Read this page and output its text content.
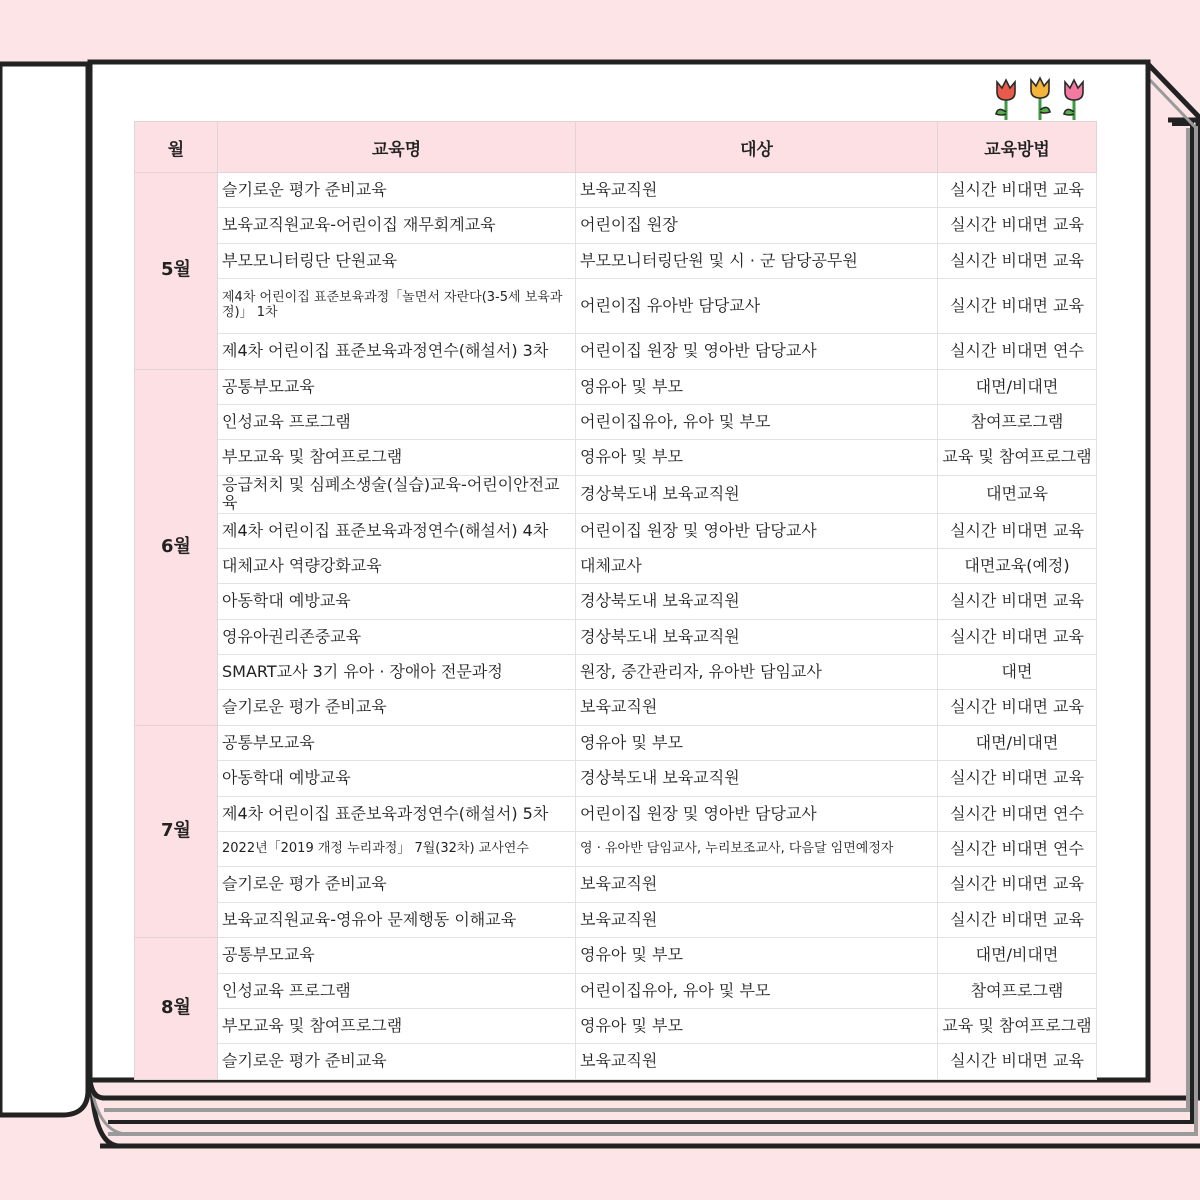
월	교육명	대상	교육방법
5월	슬기로운 평가 준비교육	보육교직원	실시간 비대면 교육
	보육교직원교육-어린이집 재무회계교육	어린이집 원장	실시간 비대면 교육
	부모모니터링단 단원교육	부모모니터링단원 및 시 · 군 담당공무원	실시간 비대면 교육
	제4차 어린이집 표준보육과정「놀면서 자란다(3-5세 보육과정)」 1차	어린이집 유아반 담당교사	실시간 비대면 교육
	제4차 어린이집 표준보육과정연수(해설서) 3차	어린이집 원장 및 영아반 담당교사	실시간 비대면 연수
6월	공통부모교육	영유아 및 부모	대면/비대면
	인성교육 프로그램	어린이집유아, 유아 및 부모	참여프로그램
	부모교육 및 참여프로그램	영유아 및 부모	교육 및 참여프로그램
	응급처치 및 심폐소생술(실습)교육-어린이안전교육	경상북도내 보육교직원	대면교육
	제4차 어린이집 표준보육과정연수(해설서) 4차	어린이집 원장 및 영아반 담당교사	실시간 비대면 교육
	대체교사 역량강화교육	대체교사	대면교육(예정)
	아동학대 예방교육	경상북도내 보육교직원	실시간 비대면 교육
	영유아권리존중교육	경상북도내 보육교직원	실시간 비대면 교육
	SMART교사 3기 유아 · 장애아 전문과정	원장, 중간관리자, 유아반 담임교사	대면
	슬기로운 평가 준비교육	보육교직원	실시간 비대면 교육
7월	공통부모교육	영유아 및 부모	대면/비대면
	아동학대 예방교육	경상북도내 보육교직원	실시간 비대면 교육
	제4차 어린이집 표준보육과정연수(해설서) 5차	어린이집 원장 및 영아반 담당교사	실시간 비대면 연수
	2022년「2019 개정 누리과정」 7월(32차) 교사연수	영 · 유아반 담임교사, 누리보조교사, 다음달 임면예정자	실시간 비대면 연수
	슬기로운 평가 준비교육	보육교직원	실시간 비대면 교육
	보육교직원교육-영유아 문제행동 이해교육	보육교직원	실시간 비대면 교육
8월	공통부모교육	영유아 및 부모	대면/비대면
	인성교육 프로그램	어린이집유아, 유아 및 부모	참여프로그램
	부모교육 및 참여프로그램	영유아 및 부모	교육 및 참여프로그램
	슬기로운 평가 준비교육	보육교직원	실시간 비대면 교육
